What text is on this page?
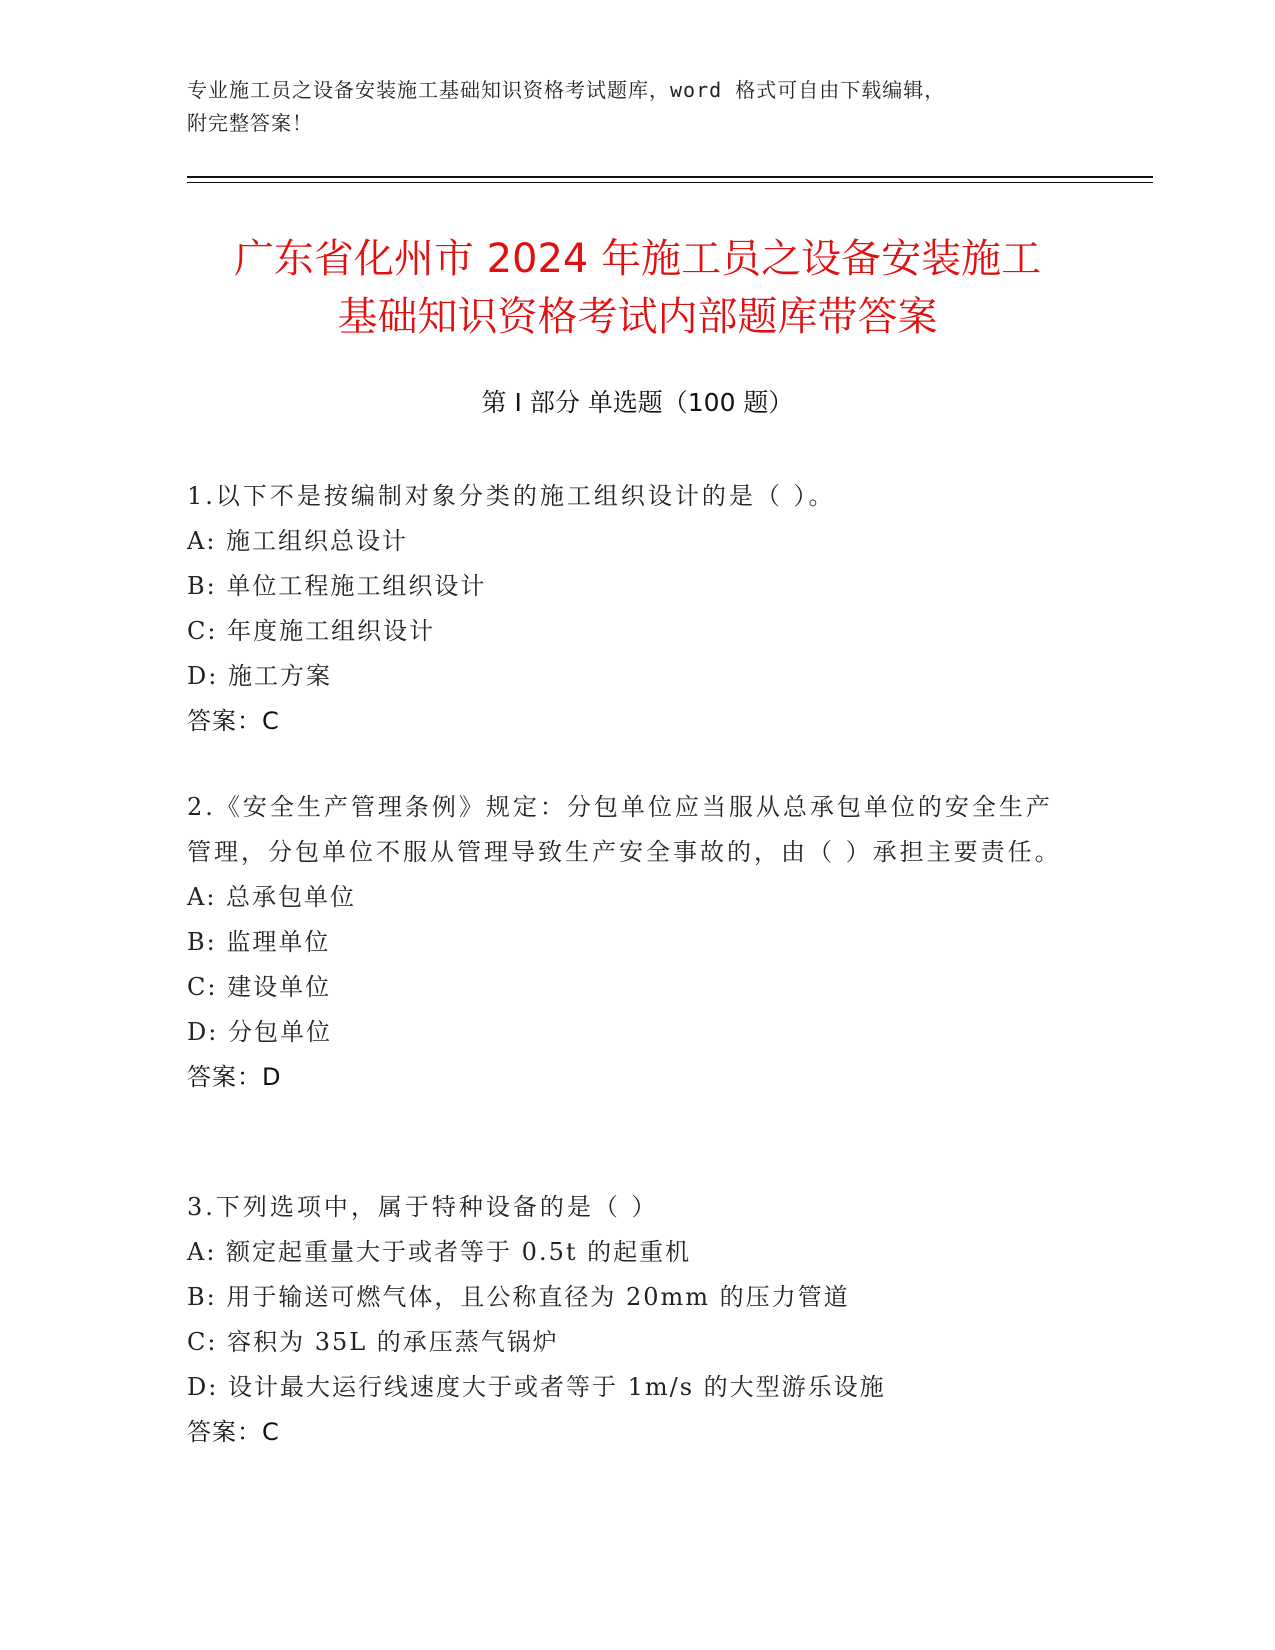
专业施工员之设备安装施工基础知识资格考试题库，word 格式可自由下载编辑，
附完整答案！
广东省化州市 2024 年施工员之设备安装施工
基础知识资格考试内部题库带答案
第 I 部分 单选题（100 题）
1.以下不是按编制对象分类的施工组织设计的是（ ）。
A: 施工组织总设计
B: 单位工程施工组织设计
C: 年度施工组织设计
D: 施工方案
答案：C
2.《安全生产管理条例》规定：分包单位应当服从总承包单位的安全生产管理，分包单位不服从管理导致生产安全事故的，由（ ）承担主要责任。
A: 总承包单位
B: 监理单位
C: 建设单位
D: 分包单位
答案：D
3.下列选项中，属于特种设备的是（ ）
A: 额定起重量大于或者等于 0.5t 的起重机
B: 用于输送可燃气体，且公称直径为 20mm 的压力管道
C: 容积为 35L 的承压蒸气锅炉
D: 设计最大运行线速度大于或者等于 1m/s 的大型游乐设施
答案：C
